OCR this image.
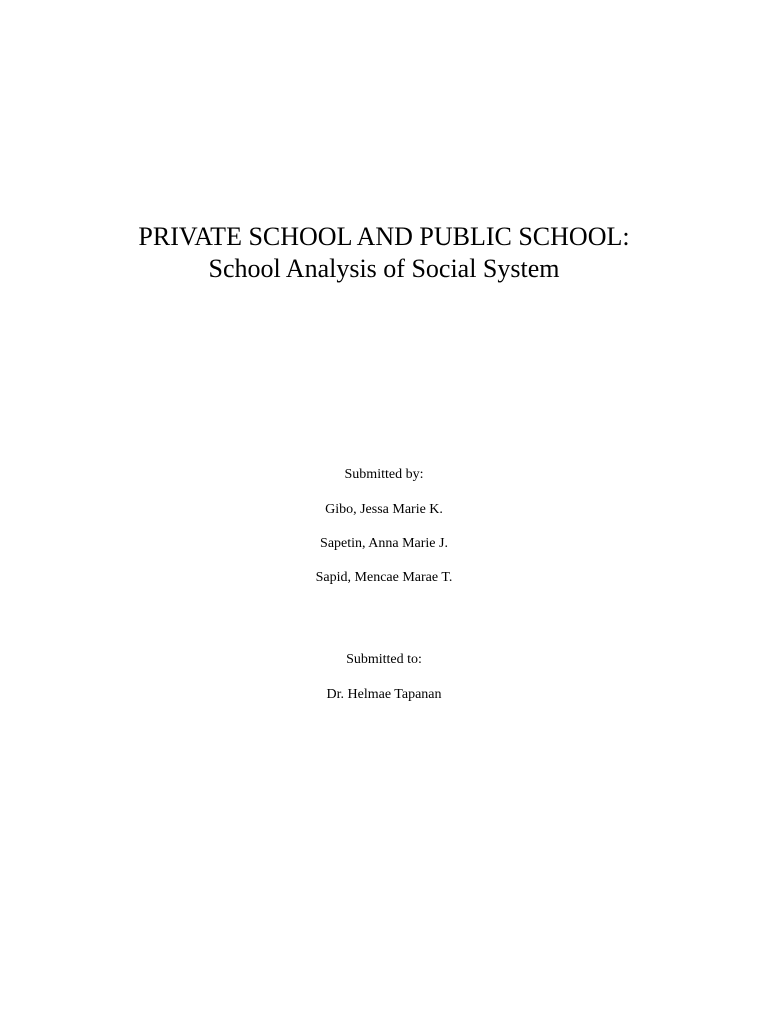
PRIVATE SCHOOL AND PUBLIC SCHOOL:

School Analysis of Social System

Submitted by:
Gibo, Jessa Marie K.
Sapetin, Anna Marie J.
Sapid, Mencae Marae T.
Submitted to:
Dr. Helmae Tapanan
